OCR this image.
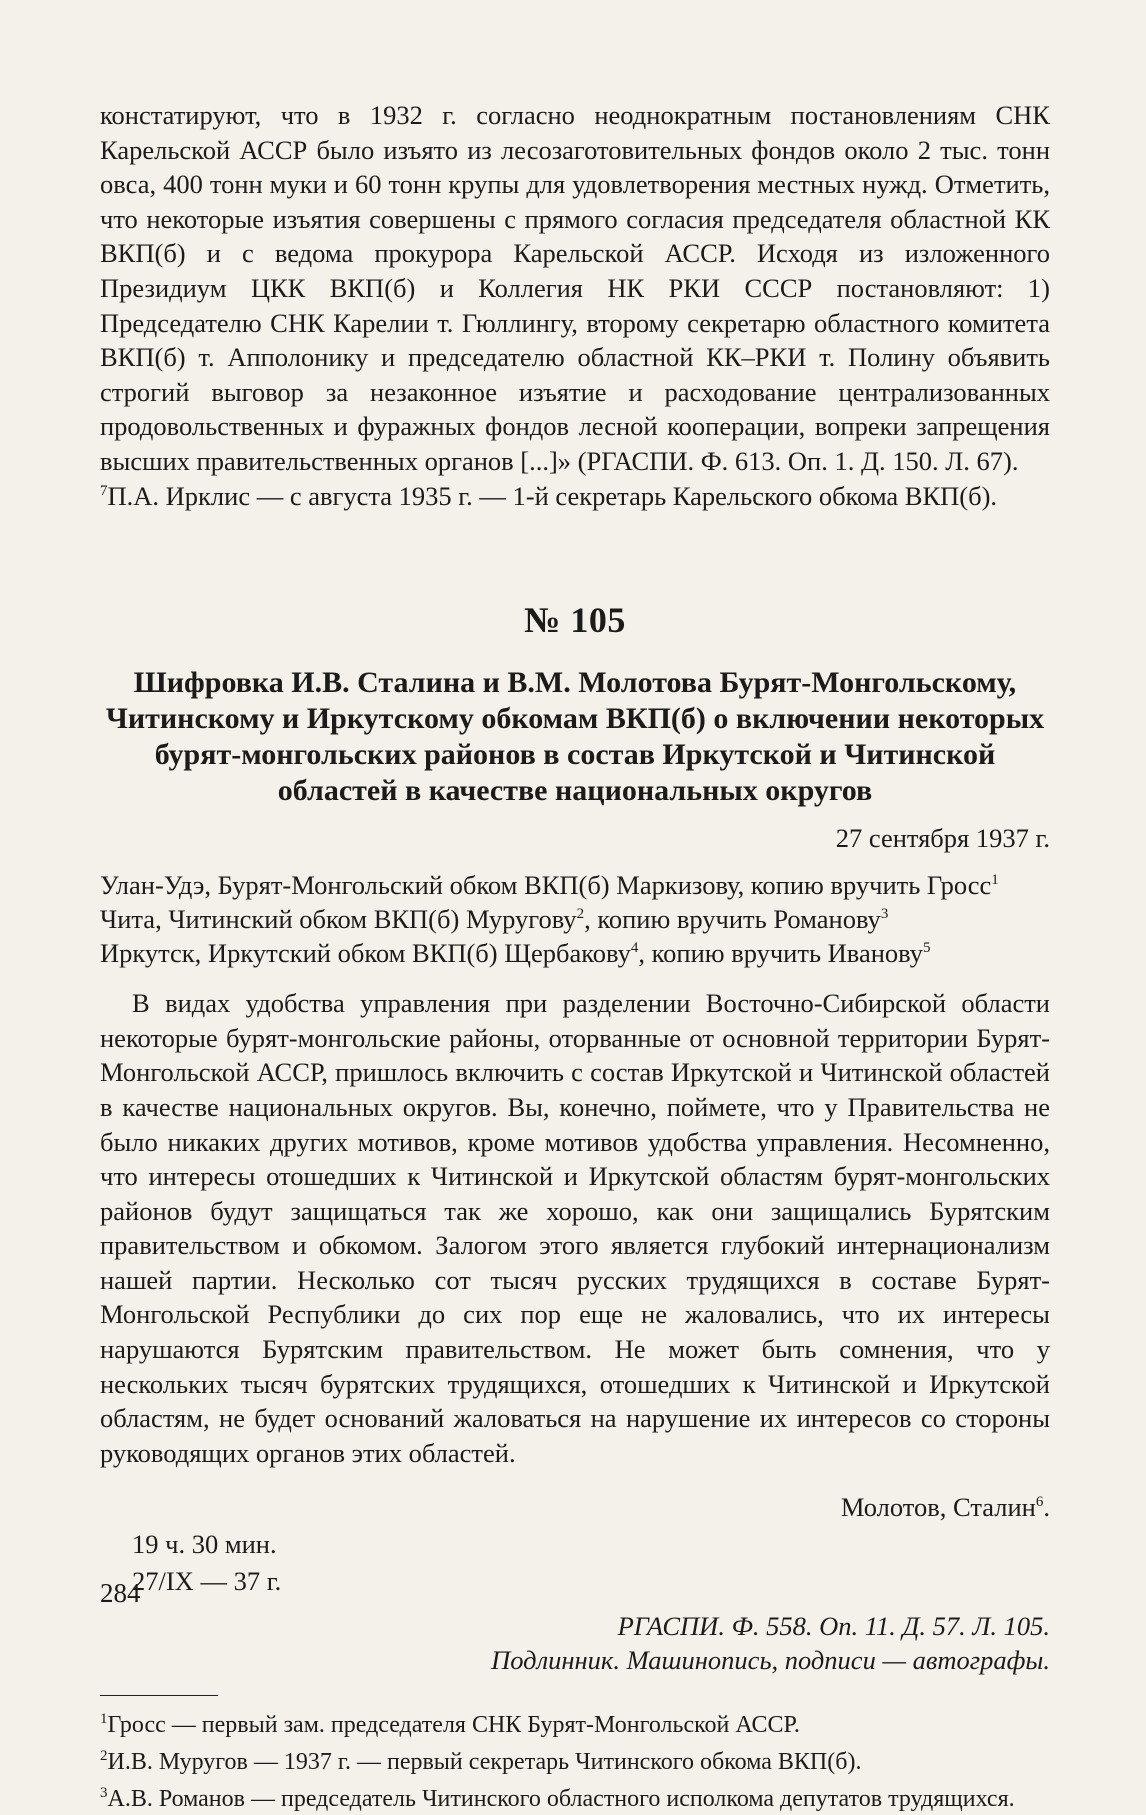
констатируют, что в 1932 г. согласно неоднократным постановлениям СНК Карельской АССР было изъято из лесозаготовительных фондов около 2 тыс. тонн овса, 400 тонн муки и 60 тонн крупы для удовлетворения местных нужд. Отметить, что некоторые изъятия совершены с прямого согласия председателя областной КК ВКП(б) и с ведома прокурора Карельской АССР. Исходя из изложенного Президиум ЦКК ВКП(б) и Коллегия НК РКИ СССР постановляют: 1) Председателю СНК Карелии т. Гюллингу, второму секретарю областного комитета ВКП(б) т. Апполонику и председателю областной КК–РКИ т. Полину объявить строгий выговор за незаконное изъятие и расходование централизованных продовольственных и фуражных фондов лесной кооперации, вопреки запрещения высших правительственных органов [...]» (РГАСПИ. Ф. 613. Оп. 1. Д. 150. Л. 67).

$^7$П.А. Ирклис — с августа 1935 г. — 1-й секретарь Карельского обкома ВКП(б).

№ 105
Шифровка И.В. Сталина и В.М. Молотова Бурят-Монгольскому, Читинскому и Иркутскому обкомам ВКП(б) о включении некоторых бурят-монгольских районов в состав Иркутской и Читинской областей в качестве национальных округов
27 сентября 1937 г.

Улан-Удэ, Бурят-Монгольский обком ВКП(б) Маркизову, копию вручить Гросс$^1$

Чита, Читинский обком ВКП(б) Муругову$^2$, копию вручить Романову$^3$

Иркутск, Иркутский обком ВКП(б) Щербакову$^4$, копию вручить Иванову$^5$

В видах удобства управления при разделении Восточно-Сибирской области некоторые бурят-монгольские районы, оторванные от основной территории Бурят-Монгольской АССР, пришлось включить с состав Иркутской и Читинской областей в качестве национальных округов. Вы, конечно, поймете, что у Правительства не было никаких других мотивов, кроме мотивов удобства управления. Несомненно, что интересы отошедших к Читинской и Иркутской областям бурят-монгольских районов будут защищаться так же хорошо, как они защищались Бурятским правительством и обкомом. Залогом этого является глубокий интернационализм нашей партии. Несколько сот тысяч русских трудящихся в составе Бурят-Монгольской Республики до сих пор еще не жаловались, что их интересы нарушаются Бурятским правительством. Не может быть сомнения, что у нескольких тысяч бурятских трудящихся, отошедших к Читинской и Иркутской областям, не будет оснований жаловаться на нарушение их интересов со стороны руководящих органов этих областей.

Молотов, Сталин$^6$.

19 ч. 30 мин.

27/IX — 37 г.

РГАСПИ. Ф. 558. Оп. 11. Д. 57. Л. 105.
Подлинник. Машинопись, подписи — автографы.

$^1$Гросс — первый зам. председателя СНК Бурят-Монгольской АССР.

$^2$И.В. Муругов — 1937 г. — первый секретарь Читинского обкома ВКП(б).

$^3$А.В. Романов — председатель Читинского областного исполкома депутатов трудящихся.

284
